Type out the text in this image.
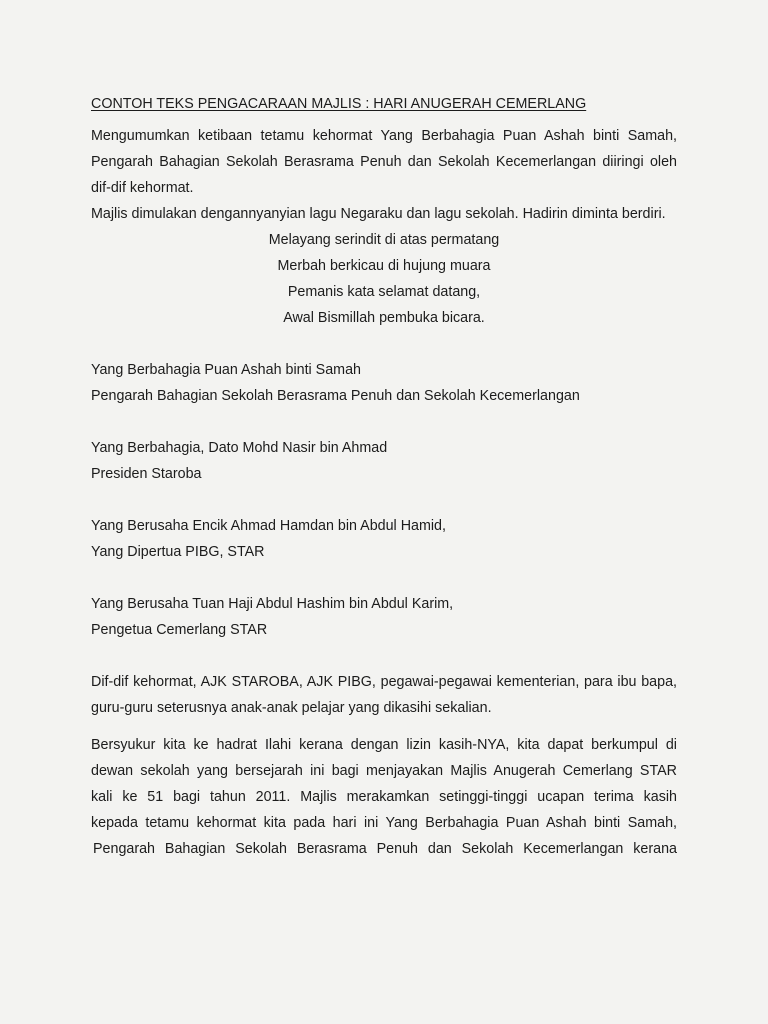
CONTOH TEKS PENGACARAAN MAJLIS : HARI ANUGERAH CEMERLANG

Mengumumkan ketibaan tetamu kehormat Yang Berbahagia Puan Ashah binti Samah, Pengarah Bahagian Sekolah Berasrama Penuh dan Sekolah Kecemerlangan diiringi oleh dif-dif kehormat.

Majlis dimulakan dengannyanyian lagu Negaraku dan lagu sekolah. Hadirin diminta berdiri.

Melayang serindit di atas permatang
Merbah berkicau di hujung muara
Pemanis kata selamat datang,
Awal Bismillah pembuka bicara.
Yang Berbahagia Puan Ashah binti Samah
Pengarah Bahagian Sekolah Berasrama Penuh dan Sekolah Kecemerlangan
Yang Berbahagia, Dato Mohd Nasir bin Ahmad
Presiden Staroba
Yang Berusaha Encik Ahmad Hamdan bin Abdul Hamid,
Yang Dipertua PIBG, STAR
Yang Berusaha Tuan Haji Abdul Hashim bin Abdul Karim,
Pengetua Cemerlang STAR

Dif-dif kehormat, AJK STAROBA, AJK PIBG, pegawai-pegawai kementerian, para ibu bapa, guru-guru seterusnya anak-anak pelajar yang dikasihi sekalian.

Bersyukur kita ke hadrat Ilahi kerana dengan lizin kasih-NYA, kita dapat berkumpul di
dewan sekolah yang bersejarah ini bagi menjayakan Majlis Anugerah Cemerlang STAR
kali ke 51 bagi tahun 2011. Majlis merakamkan setinggi-tinggi ucapan terima kasih
kepada tetamu kehormat kita pada hari ini Yang Berbahagia Puan Ashah binti Samah,
Pengarah Bahagian Sekolah Berasrama Penuh dan Sekolah Kecemerlangan kerana
